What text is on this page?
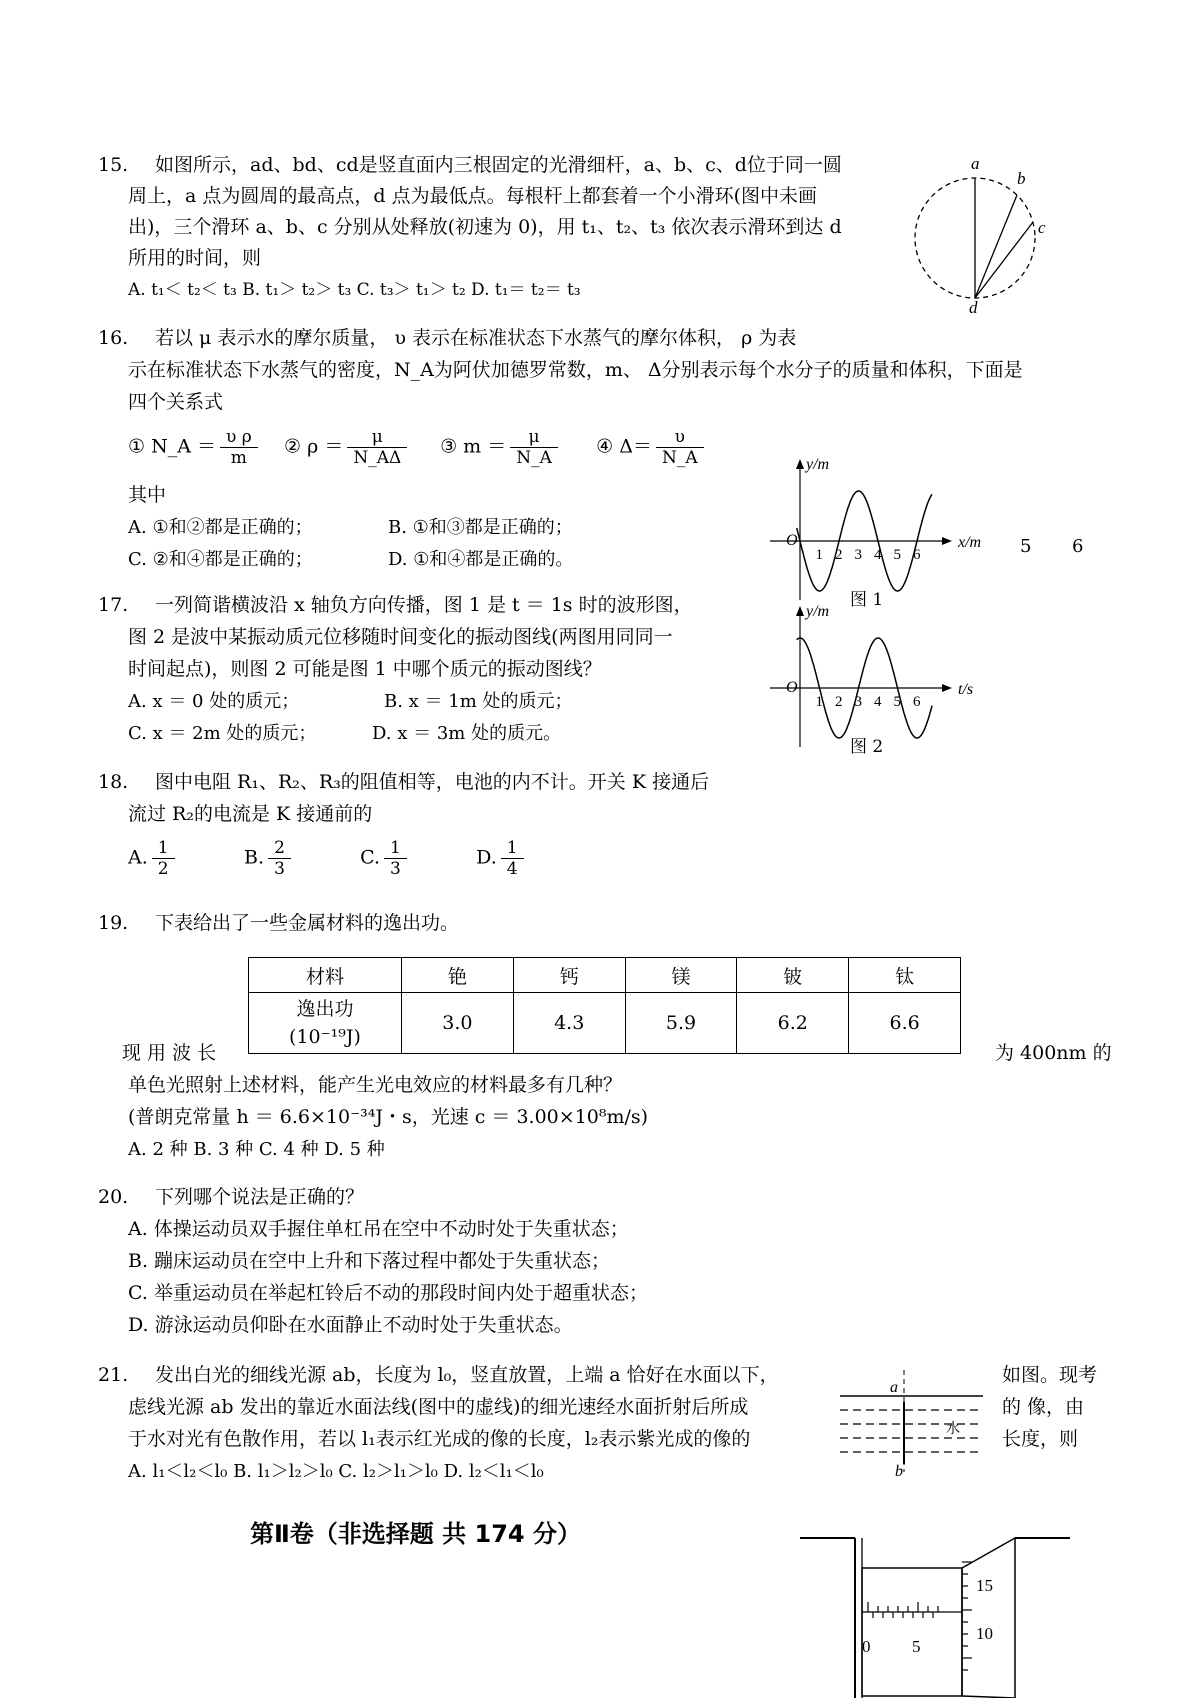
15. 如图所示，ad、bd、cd是竖直面内三根固定的光滑细杆，a、b、c、d位于同一圆
周上，a 点为圆周的最高点，d 点为最低点。每根杆上都套着一个小滑环(图中未画
出)，三个滑环 a、b、c 分别从处释放(初速为 0)，用 t₁、t₂、t₃ 依次表示滑环到达 d
所用的时间，则
A. t₁＜ t₂＜ t₃ B. t₁＞ t₂＞ t₃ C. t₃＞ t₁＞ t₂ D. t₁＝ t₂＝ t₃
a
b
c
d
16. 若以 μ 表示水的摩尔质量， υ 表示在标准状态下水蒸气的摩尔体积， ρ 为表
示在标准状态下水蒸气的密度，N_A为阿伏加德罗常数，m、 Δ分别表示每个水分子的质量和体积，下面是
四个关系式
① N_A ＝ $\frac{\text{υ ρ}}{m}$ ② $\rho = \frac{\mu}{N\_A\Delta}$ ③ $m = \frac{\mu}{N\_A}$ ④ $\Delta= \frac{\upsilon}{N\_A}$
其中
A. ①和②都是正确的；	B. ①和③都是正确的；
C. ②和④都是正确的；	D. ①和④都是正确的。
y/m
x/m
O
1 2 3 4 5 6
图 1
5 6
y/m
t/s
O
1 2 3 4 5 6
图 2
17. 一列简谐横波沿 x 轴负方向传播，图 1 是 t ＝ 1s 时的波形图，
图 2 是波中某振动质元位移随时间变化的振动图线(两图用同同一
时间起点)，则图 2 可能是图 1 中哪个质元的振动图线？
A. x ＝ 0 处的质元；	B. x ＝ 1m 处的质元；
C. x ＝ 2m 处的质元；	D. x ＝ 3m 处的质元。
18. 图中电阻 R₁、R₂、R₃的阻值相等，电池的内不计。开关 K 接通后
流过 R₂的电流是 K 接通前的
A. $\frac{1}{2}$	B. $\frac{2}{3}$	C. $\frac{1}{3}$	D. $\frac{1}{4}$
19. 下表给出了一些金属材料的逸出功。
材料	铯	钙	镁	铍	钛

逸出功
(10⁻¹⁹J)	3.0	4.3	5.9	6.2	6.6
现 用 波 长	为 400nm 的
单色光照射上述材料，能产生光电效应的材料最多有几种？
(普朗克常量 h ＝ 6.6×10⁻³⁴J・s，光速 c ＝ 3.00×10⁸m/s)
A. 2 种 B. 3 种 C. 4 种 D. 5 种
20. 下列哪个说法是正确的？
A. 体操运动员双手握住单杠吊在空中不动时处于失重状态；
B. 蹦床运动员在空中上升和下落过程中都处于失重状态；
C. 举重运动员在举起杠铃后不动的那段时间内处于超重状态；
D. 游泳运动员仰卧在水面静止不动时处于失重状态。
21. 发出白光的细线光源 ab，长度为 l₀，竖直放置，上端 a 恰好在水面以下，	如图。现考
虑线光源 ab 发出的靠近水面法线(图中的虚线)的细光速经水面折射后所成	的 像，由
于水对光有色散作用，若以 l₁表示红光成的像的长度，l₂表示紫光成的像的	长度，则
A. l₁＜l₂＜l₀ B. l₁＞l₂＞l₀ C. l₂＞l₁＞l₀ D. l₂＜l₁＜l₀
a
b
水
第Ⅱ卷（非选择题 共 174 分）
0 5
15
10
